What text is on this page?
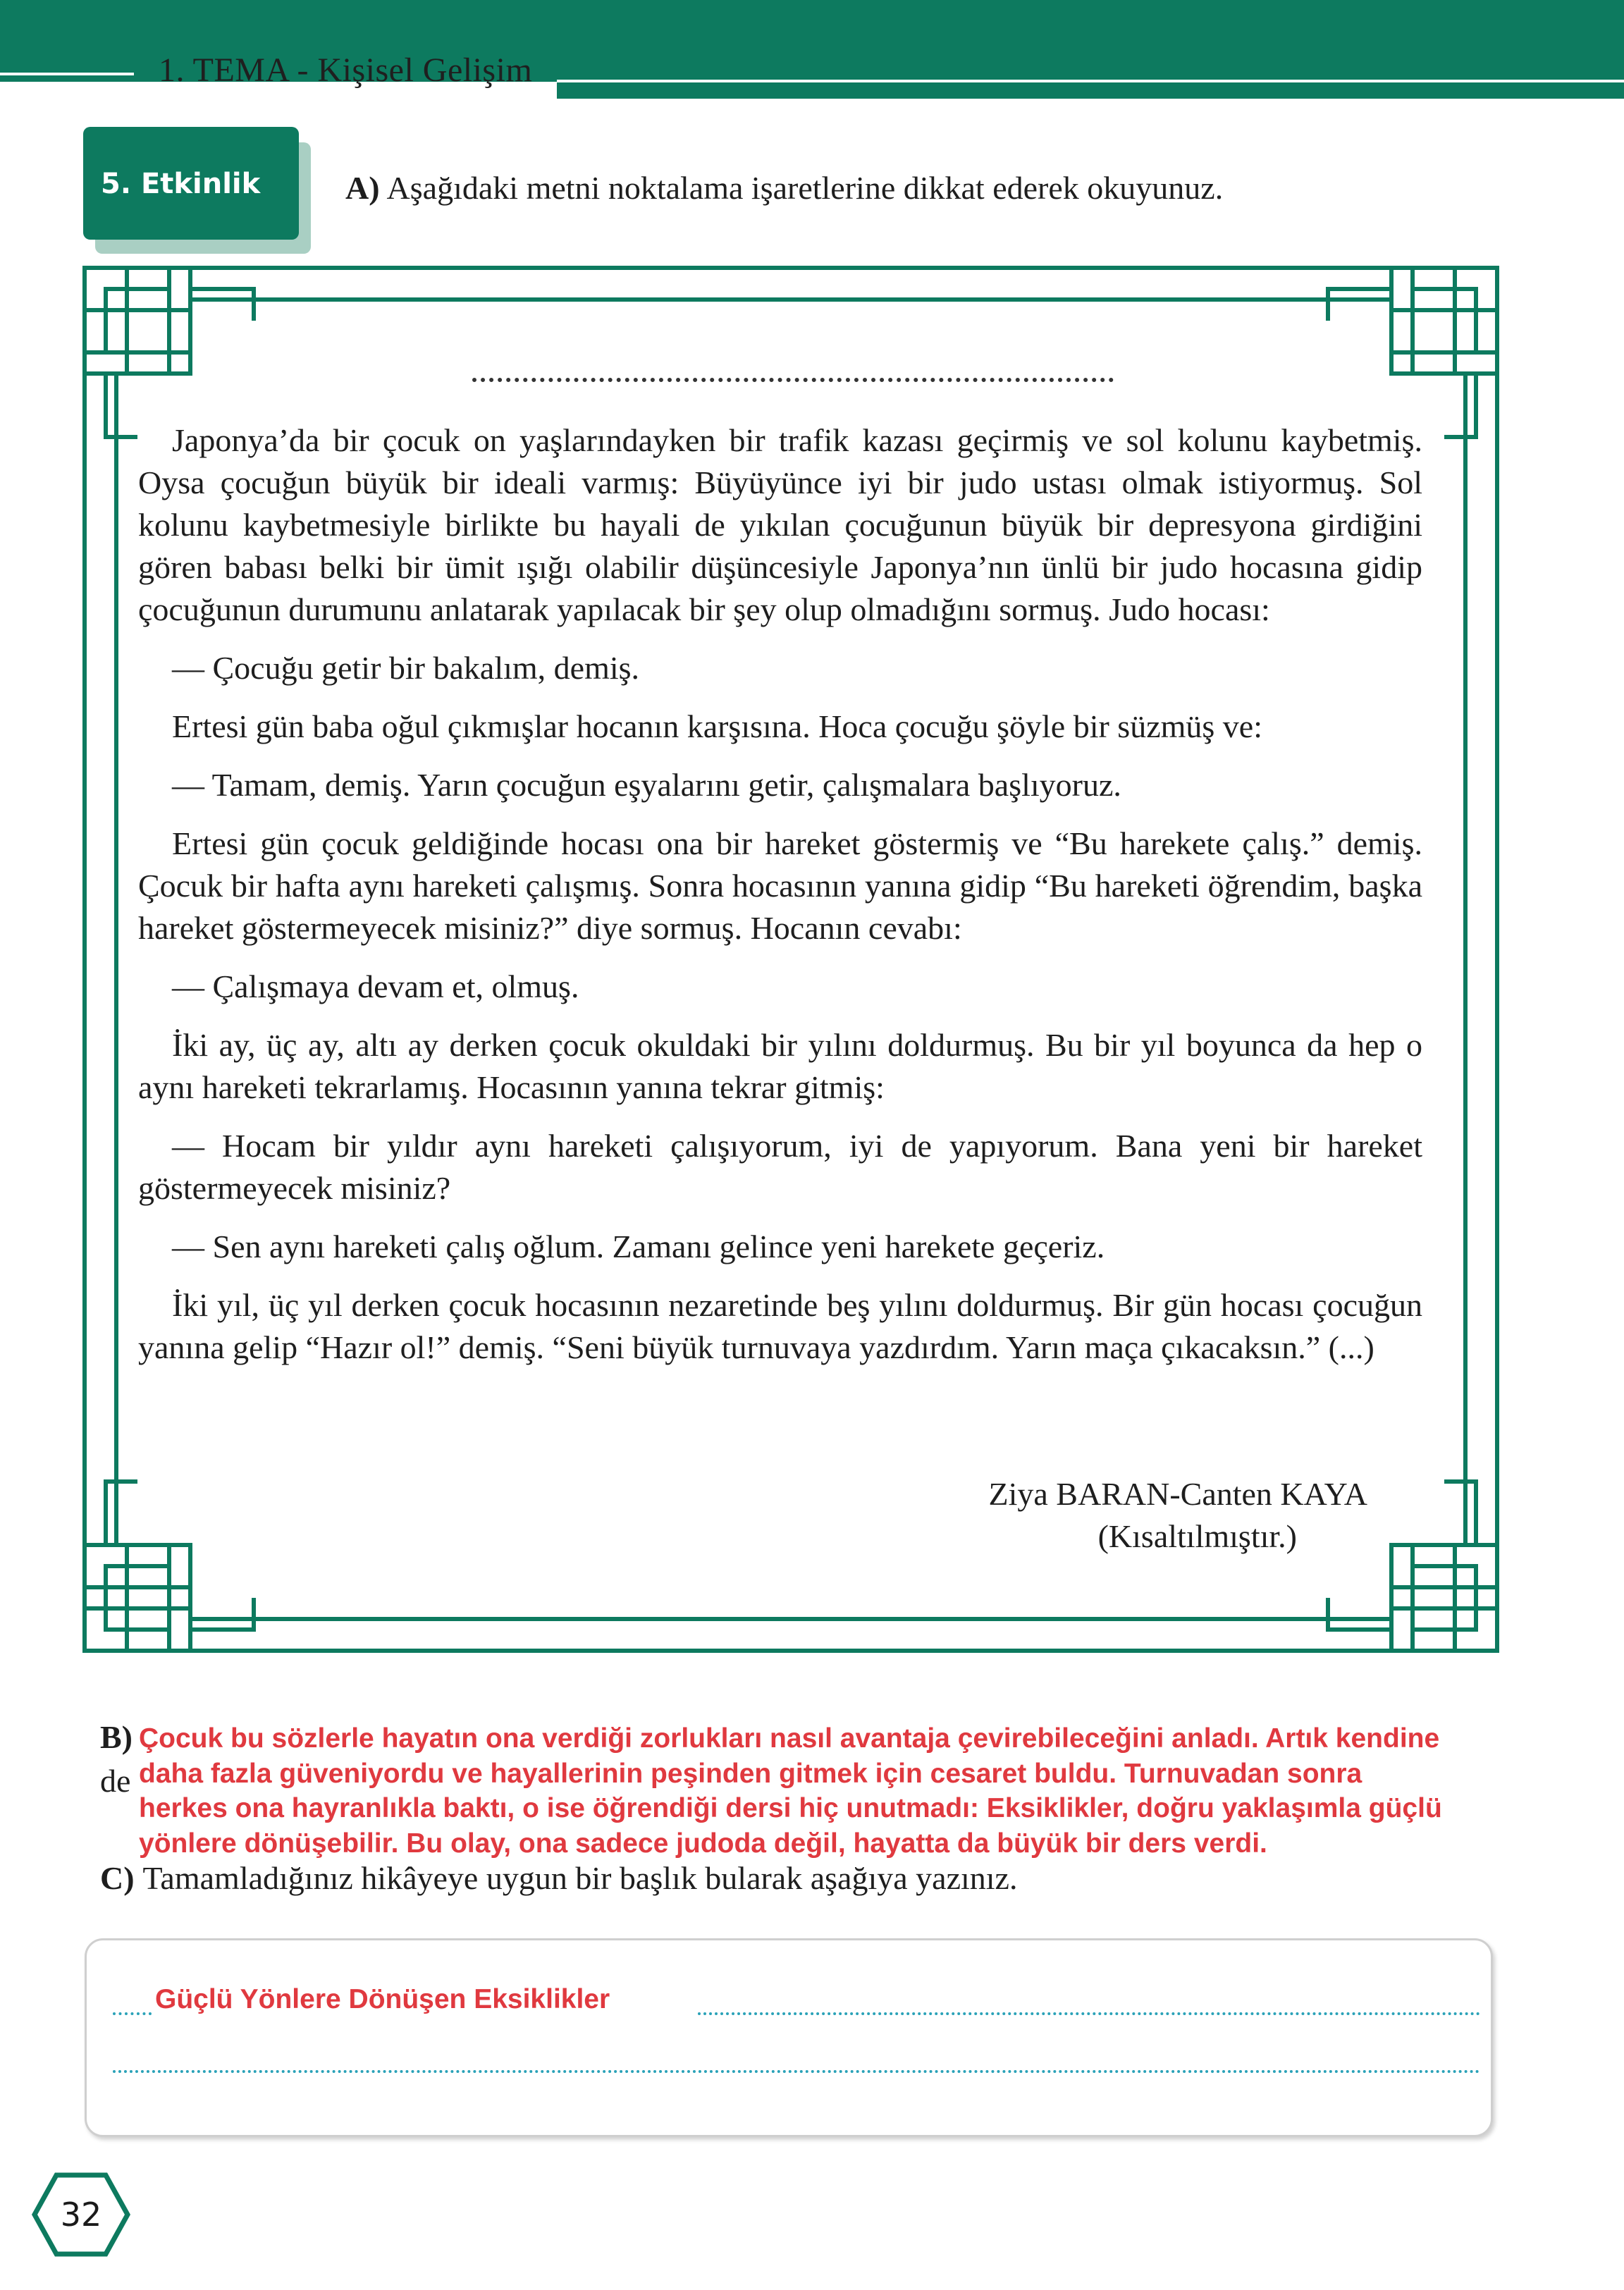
1. TEMA - Kişisel Gelişim
5. Etkinlik	A) Aşağıdaki metni noktalama işaretlerine dikkat ederek okuyunuz.

Japonya’da bir çocuk on yaşlarındayken bir trafik kazası geçirmiş ve sol kolunu kaybetmiş. Oysa çocuğun büyük bir ideali varmış: Büyüyünce iyi bir judo ustası olmak istiyormuş. Sol kolunu kaybetmesiyle birlikte bu hayali de yıkılan çocuğunun büyük bir depresyona girdiğini gören babası belki bir ümit ışığı olabilir düşüncesiyle Japonya’nın ünlü bir judo hocasına gidip çocuğunun durumunu anlatarak yapılacak bir şey olup olmadığını sormuş. Judo hocası:

— Çocuğu getir bir bakalım, demiş.

Ertesi gün baba oğul çıkmışlar hocanın karşısına. Hoca çocuğu şöyle bir süzmüş ve:

— Tamam, demiş. Yarın çocuğun eşyalarını getir, çalışmalara başlıyoruz.

Ertesi gün çocuk geldiğinde hocası ona bir hareket göstermiş ve “Bu harekete çalış.” demiş. Çocuk bir hafta aynı hareketi çalışmış. Sonra hocasının yanına gidip “Bu hareketi öğrendim, başka hareket göstermeyecek misiniz?” diye sormuş. Hocanın cevabı:

— Çalışmaya devam et, olmuş.

İki ay, üç ay, altı ay derken çocuk okuldaki bir yılını doldurmuş. Bu bir yıl boyunca da hep o aynı hareketi tekrarlamış. Hocasının yanına tekrar gitmiş:

— Hocam bir yıldır aynı hareketi çalışıyorum, iyi de yapıyorum. Bana yeni bir hareket göstermeyecek misiniz?

— Sen aynı hareketi çalış oğlum. Zamanı gelince yeni harekete geçeriz.

İki yıl, üç yıl derken çocuk hocasının nezaretinde beş yılını doldurmuş. Bir gün hocası çocuğun yanına gelip “Hazır ol!” demiş. “Seni büyük turnuvaya yazdırdım. Yarın maça çıkacaksın.” (...)

Ziya BARAN-Canten KAYA
(Kısaltılmıştır.)
B)
de
Çocuk bu sözlerle hayatın ona verdiği zorlukları nasıl avantaja çevirebileceğini anladı. Artık kendine
daha fazla güveniyordu ve hayallerinin peşinden gitmek için cesaret buldu. Turnuvadan sonra
herkes ona hayranlıkla baktı, o ise öğrendiği dersi hiç unutmadı: Eksiklikler, doğru yaklaşımla güçlü
yönlere dönüşebilir. Bu olay, ona sadece judoda değil, hayatta da büyük bir ders verdi.
C) Tamamladığınız hikâyeye uygun bir başlık bularak aşağıya yazınız.
Güçlü Yönlere Dönüşen Eksiklikler
32
